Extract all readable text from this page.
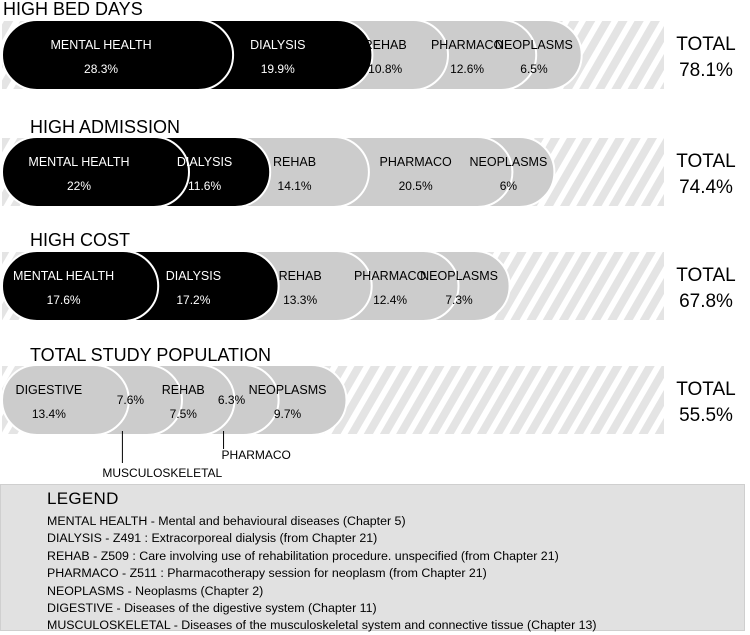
HIGH BED DAYS
MENTAL HEALTH
28.3%
DIALYSIS
19.9%
REHAB
10.8%
PHARMACO
12.6%
NEOPLASMS
6.5%
TOTAL
78.1%
HIGH ADMISSION
MENTAL HEALTH
22%
DIALYSIS
11.6%
REHAB
14.1%
PHARMACO
20.5%
NEOPLASMS
6%
TOTAL
74.4%
HIGH COST
MENTAL HEALTH
17.6%
DIALYSIS
17.2%
REHAB
13.3%
PHARMACO
12.4%
NEOPLASMS
7.3%
TOTAL
67.8%
TOTAL STUDY POPULATION
DIGESTIVE
13.4%
7.6%
MUSCULOSKELETAL
REHAB
7.5%
6.3%
PHARMACO
NEOPLASMS
9.7%
TOTAL
55.5%
LEGEND
MENTAL HEALTH - Mental and behavioural diseases (Chapter 5)
DIALYSIS - Z491 : Extracorporeal dialysis (from Chapter 21)
REHAB - Z509 : Care involving use of rehabilitation procedure. unspecified (from Chapter 21)
PHARMACO - Z511 : Pharmacotherapy session for neoplasm (from Chapter 21)
NEOPLASMS - Neoplasms (Chapter 2)
DIGESTIVE - Diseases of the digestive system (Chapter 11)
MUSCULOSKELETAL - Diseases of the musculoskeletal system and connective tissue (Chapter 13)
